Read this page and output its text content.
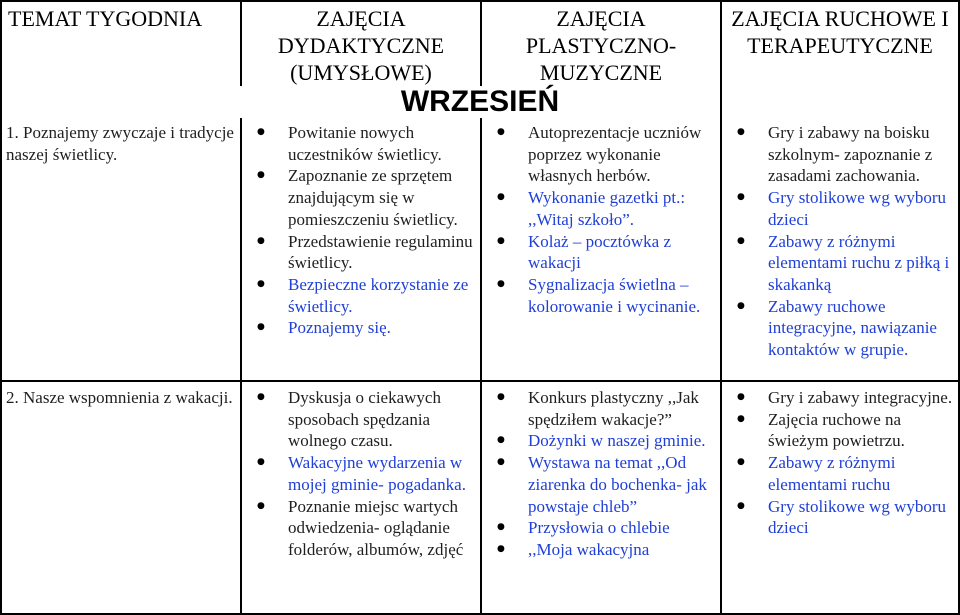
TEMAT TYGODNIA	ZAJĘCIA DYDAKTYCZNE (UMYSŁOWE)
ZAJĘCIA PLASTYCZNO-MUZYCZNE
ZAJĘCIA RUCHOWE I TERAPEUTYCZNE
WRZESIEŃ
1. Poznajemy zwyczaje i tradycje naszej świetlicy.
● Powitanie nowych uczestników świetlicy.
● Zapoznanie ze sprzętem znajdującym się w pomieszczeniu świetlicy.
● Przedstawienie regulaminu świetlicy.
● Bezpieczne korzystanie ze świetlicy.
● Poznajemy się.
● Autoprezentacje uczniów poprzez wykonanie własnych herbów.
● Wykonanie gazetki pt.: ,,Witaj szkoło”.
● Kolaż – pocztówka z wakacji
● Sygnalizacja świetlna – kolorowanie i wycinanie.
● Gry i zabawy na boisku szkolnym- zapoznanie z zasadami zachowania.
● Gry stolikowe wg wyboru dzieci
● Zabawy z różnymi elementami ruchu z piłką i skakanką
● Zabawy ruchowe integracyjne, nawiązanie kontaktów w grupie.
2. Nasze wspomnienia z wakacji.
●	Dyskusja o ciekawych sposobach spędzania wolnego czasu.
● Wakacyjne wydarzenia w mojej gminie- pogadanka.
● Poznanie miejsc wartych odwiedzenia- oglądanie folderów, albumów, zdjęć
● Konkurs plastyczny ,,Jak spędziłem wakacje?”
● Dożynki w naszej gminie.
● Wystawa na temat ,,Od ziarenka do bochenka- jak powstaje chleb”
● Przysłowia o chlebie
● ,,Moja wakacyjna
● Gry i zabawy integracyjne.
● Zajęcia ruchowe na świeżym powietrzu.
● Zabawy z różnymi elementami ruchu
● Gry stolikowe wg wyboru dzieci
